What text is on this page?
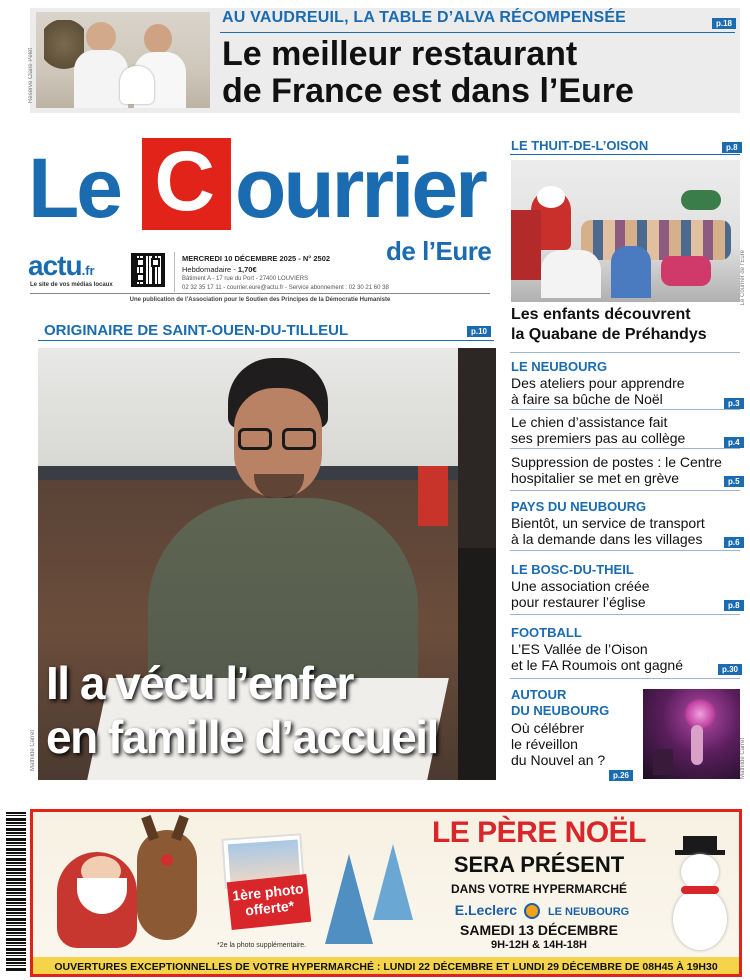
Reserve Claire Pelet
AU VAUDREUIL, LA TABLE D’ALVA RÉCOMPENSÉE	p.18
Le meilleur restaurant
de France est dans l’Eure
Le C ourrier
de l’Eure
actu.fr
Le site de vos médias locaux
MERCREDI 10 DÉCEMBRE 2025 - N° 2502
Hebdomadaire - 1,70€
Bâtiment A - 17 rue du Port - 27400 LOUVIERS
02 32 35 17 11 - courrier.eure@actu.fr - Service abonnement : 02 30 21 60 38
Une publication de l’Association pour le Soutien des Principes de la Démocratie Humaniste
ORIGINAIRE DE SAINT-OUEN-DU-TILLEUL	p.10
Mathilde Carret
Il a vécu l’enfer
en famille d’accueil
LE THUIT-DE-L’OISON	p.8
Le Courrier de l’Eure
Les enfants découvrent
la Quabane de Préhandys
LE NEUBOURG
Des ateliers pour apprendre
à faire sa bûche de Noël	p.3
Le chien d’assistance fait
ses premiers pas au collège	p.4
Suppression de postes : le Centre
hospitalier se met en grève	p.5
PAYS DU NEUBOURG
Bientôt, un service de transport
à la demande dans les villages	p.6
LE BOSC-DU-THEIL
Une association créée
pour restaurer l’église	p.8
FOOTBALL
L’ES Vallée de l’Oison
et le FA Roumois ont gagné	p.30
AUTOUR
DU NEUBOURG
Où célébrer
le réveillon
du Nouvel an ?
p.26	Mathilde Carret
1ère photo
offerte*
*2e la photo supplémentaire.
LE PÈRE NOËL
SERA PRÉSENT
DANS VOTRE HYPERMARCHÉ
E.Leclerc	LE NEUBOURG
SAMEDI 13 DÉCEMBRE
9H-12H & 14H-18H
OUVERTURES EXCEPTIONNELLES DE VOTRE HYPERMARCHÉ : LUNDI 22 DÉCEMBRE ET LUNDI 29 DÉCEMBRE DE 08H45 À 19H30
